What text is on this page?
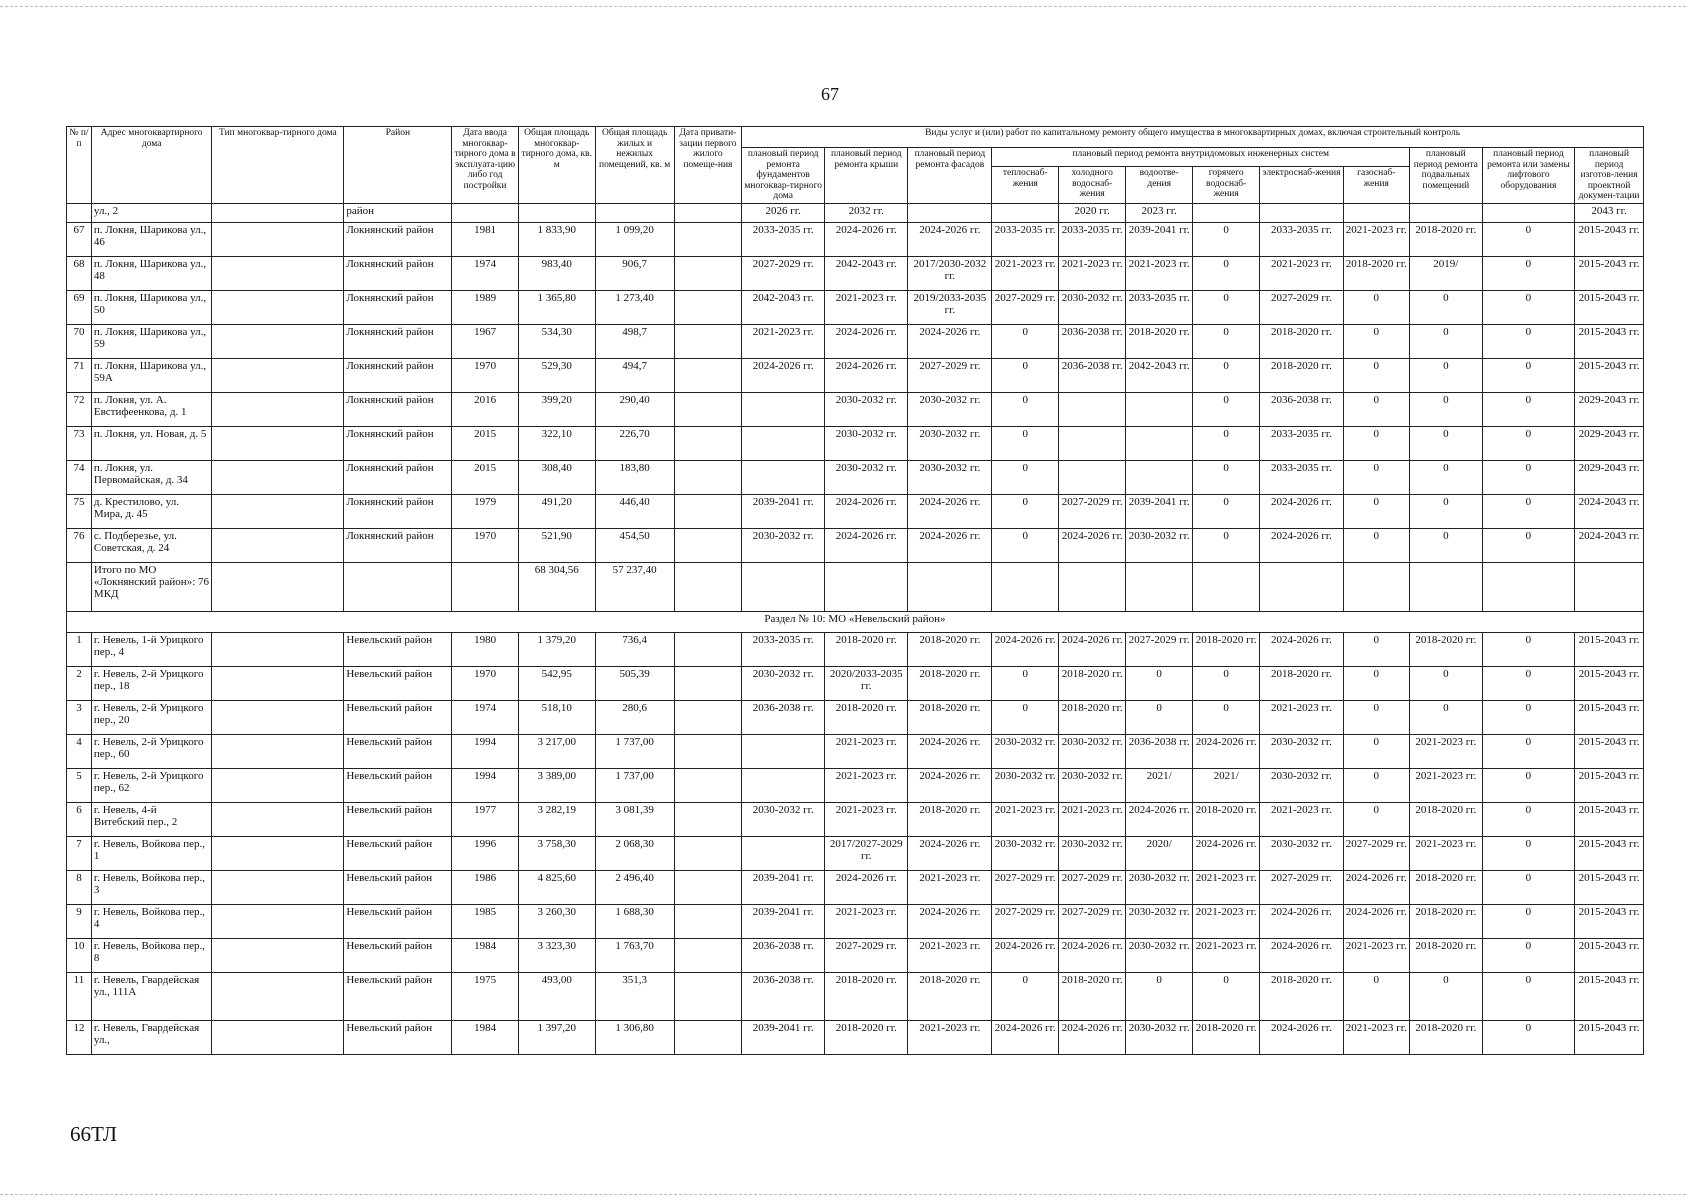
67
№ п/п	Адрес многоквартирного дома	Тип многоквар-тирного дома	Район	Дата ввода многоквар-тирного дома в эксплуата-цию либо год постройки	Общая площадь многоквар-тирного дома, кв. м	Общая площадь жилых и нежилых помещений, кв. м	Дата привати-зации первого жилого помеще-ния	Виды услуг и (или) работ по капитальному ремонту общего имущества в многоквартирных домах, включая строительный контроль											
								плановый период ремонта фундаментов многоквар-тирного дома	плановый период ремонта крыши	плановый период ремонта фасадов	плановый период ремонта внутридомовых инженерных систем						плановый период ремонта подвальных помещений	плановый период ремонта или замены лифтового оборудования	плановый период изготов-ления проектной докумен-тации
											теплоснаб-жения	холодного водоснаб-жения	водоотве-дения	горячего водоснаб-жения	электроснаб-жения	газоснаб-жения			
	ул., 2		район					2026 гг.	2032 гг.			2020 гг.	2023 гг.						2043 гг.
67	п. Локня, Шарикова ул., 46		Локнянский район	1981	1 833,90	1 099,20		2033-2035 гг.	2024-2026 гг.	2024-2026 гг.	2033-2035 гг.	2033-2035 гг.	2039-2041 гг.	0	2033-2035 гг.	2021-2023 гг.	2018-2020 гг.	0	2015-2043 гг.
68	п. Локня, Шарикова ул., 48		Локнянский район	1974	983,40	906,7		2027-2029 гг.	2042-2043 гг.	2017/2030-2032 гг.	2021-2023 гг.	2021-2023 гг.	2021-2023 гг.	0	2021-2023 гг.	2018-2020 гг.	2019/	0	2015-2043 гг.
69	п. Локня, Шарикова ул., 50		Локнянский район	1989	1 365,80	1 273,40		2042-2043 гг.	2021-2023 гг.	2019/2033-2035 гг.	2027-2029 гг.	2030-2032 гг.	2033-2035 гг.	0	2027-2029 гг.	0	0	0	2015-2043 гг.
70	п. Локня, Шарикова ул., 59		Локнянский район	1967	534,30	498,7		2021-2023 гг.	2024-2026 гг.	2024-2026 гг.	0	2036-2038 гг.	2018-2020 гг.	0	2018-2020 гг.	0	0	0	2015-2043 гг.
71	п. Локня, Шарикова ул., 59А		Локнянский район	1970	529,30	494,7		2024-2026 гг.	2024-2026 гг.	2027-2029 гг.	0	2036-2038 гг.	2042-2043 гг.	0	2018-2020 гг.	0	0	0	2015-2043 гг.
72	п. Локня, ул. А. Евстифеенкова, д. 1		Локнянский район	2016	399,20	290,40			2030-2032 гг.	2030-2032 гг.	0			0	2036-2038 гг.	0	0	0	2029-2043 гг.
73	п. Локня, ул. Новая, д. 5		Локнянский район	2015	322,10	226,70			2030-2032 гг.	2030-2032 гг.	0			0	2033-2035 гг.	0	0	0	2029-2043 гг.
74	п. Локня, ул. Первомайская, д. 34		Локнянский район	2015	308,40	183,80			2030-2032 гг.	2030-2032 гг.	0			0	2033-2035 гг.	0	0	0	2029-2043 гг.
75	д. Крестилово, ул. Мира, д. 45		Локнянский район	1979	491,20	446,40		2039-2041 гг.	2024-2026 гг.	2024-2026 гг.	0	2027-2029 гг.	2039-2041 гг.	0	2024-2026 гг.	0	0	0	2024-2043 гг.
76	с. Подберезье, ул. Советская, д. 24		Локнянский район	1970	521,90	454,50		2030-2032 гг.	2024-2026 гг.	2024-2026 гг.	0	2024-2026 гг.	2030-2032 гг.	0	2024-2026 гг.	0	0	0	2024-2043 гг.
	Итого по МО «Локнянский район»: 76 МКД				68 304,56	57 237,40													
Раздел № 10: МО «Невельский район»																			
1	г. Невель, 1-й Урицкого пер., 4		Невельский район	1980	1 379,20	736,4		2033-2035 гг.	2018-2020 гг.	2018-2020 гг.	2024-2026 гг.	2024-2026 гг.	2027-2029 гг.	2018-2020 гг.	2024-2026 гг.	0	2018-2020 гг.	0	2015-2043 гг.
2	г. Невель, 2-й Урицкого пер., 18		Невельский район	1970	542,95	505,39		2030-2032 гг.	2020/2033-2035 гг.	2018-2020 гг.	0	2018-2020 гг.	0	0	2018-2020 гг.	0	0	0	2015-2043 гг.
3	г. Невель, 2-й Урицкого пер., 20		Невельский район	1974	518,10	280,6		2036-2038 гг.	2018-2020 гг.	2018-2020 гг.	0	2018-2020 гг.	0	0	2021-2023 гг.	0	0	0	2015-2043 гг.
4	г. Невель, 2-й Урицкого пер., 60		Невельский район	1994	3 217,00	1 737,00			2021-2023 гг.	2024-2026 гг.	2030-2032 гг.	2030-2032 гг.	2036-2038 гг.	2024-2026 гг.	2030-2032 гг.	0	2021-2023 гг.	0	2015-2043 гг.
5	г. Невель, 2-й Урицкого пер., 62		Невельский район	1994	3 389,00	1 737,00			2021-2023 гг.	2024-2026 гг.	2030-2032 гг.	2030-2032 гг.	2021/	2021/	2030-2032 гг.	0	2021-2023 гг.	0	2015-2043 гг.
6	г. Невель, 4-й Витебский пер., 2		Невельский район	1977	3 282,19	3 081,39		2030-2032 гг.	2021-2023 гг.	2018-2020 гг.	2021-2023 гг.	2021-2023 гг.	2024-2026 гг.	2018-2020 гг.	2021-2023 гг.	0	2018-2020 гг.	0	2015-2043 гг.
7	г. Невель, Войкова пер., 1		Невельский район	1996	3 758,30	2 068,30			2017/2027-2029 гг.	2024-2026 гг.	2030-2032 гг.	2030-2032 гг.	2020/	2024-2026 гг.	2030-2032 гг.	2027-2029 гг.	2021-2023 гг.	0	2015-2043 гг.
8	г. Невель, Войкова пер., 3		Невельский район	1986	4 825,60	2 496,40		2039-2041 гг.	2024-2026 гг.	2021-2023 гг.	2027-2029 гг.	2027-2029 гг.	2030-2032 гг.	2021-2023 гг.	2027-2029 гг.	2024-2026 гг.	2018-2020 гг.	0	2015-2043 гг.
9	г. Невель, Войкова пер., 4		Невельский район	1985	3 260,30	1 688,30		2039-2041 гг.	2021-2023 гг.	2024-2026 гг.	2027-2029 гг.	2027-2029 гг.	2030-2032 гг.	2021-2023 гг.	2024-2026 гг.	2024-2026 гг.	2018-2020 гг.	0	2015-2043 гг.
10	г. Невель, Войкова пер., 8		Невельский район	1984	3 323,30	1 763,70		2036-2038 гг.	2027-2029 гг.	2021-2023 гг.	2024-2026 гг.	2024-2026 гг.	2030-2032 гг.	2021-2023 гг.	2024-2026 гг.	2021-2023 гг.	2018-2020 гг.	0	2015-2043 гг.
11	г. Невель, Гвардейская ул., 111А		Невельский район	1975	493,00	351,3		2036-2038 гг.	2018-2020 гг.	2018-2020 гг.	0	2018-2020 гг.	0	0	2018-2020 гг.	0	0	0	2015-2043 гг.
12	г. Невель, Гвардейская ул.,		Невельский район	1984	1 397,20	1 306,80		2039-2041 гг.	2018-2020 гг.	2021-2023 гг.	2024-2026 гг.	2024-2026 гг.	2030-2032 гг.	2018-2020 гг.	2024-2026 гг.	2021-2023 гг.	2018-2020 гг.	0	2015-2043 гг.
66ТЛ
